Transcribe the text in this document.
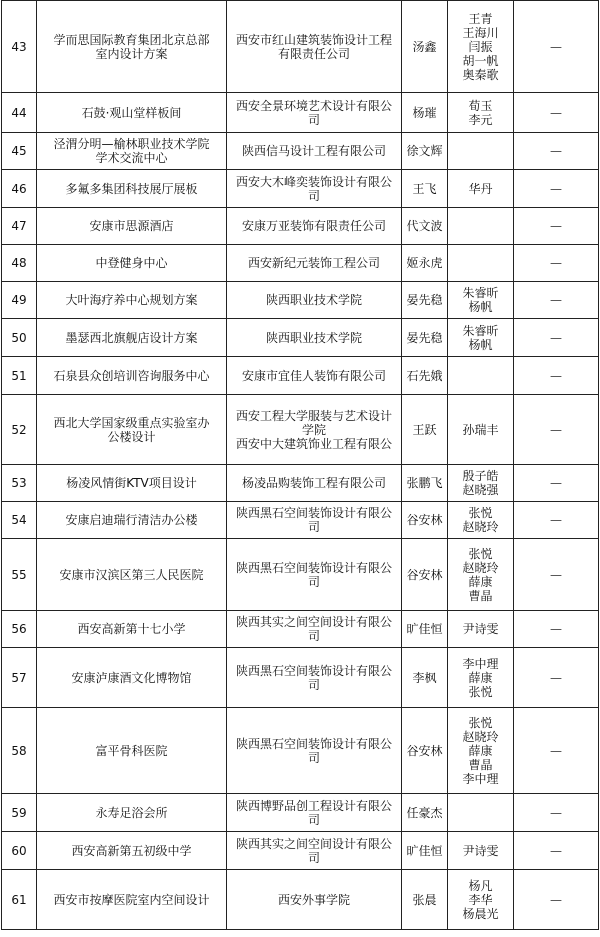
43	学而思国际教育集团北京总部
室内设计方案	西安市红山建筑装饰设计工程
有限责任公司	汤鑫	王青
王海川
闫振
胡一帆
奥秦歌	—
44	石鼓·观山堂样板间	西安全景环境艺术设计有限公
司	杨璀	荀玉
李元	—
45	泾渭分明—榆林职业技术学院
学术交流中心	陕西信马设计工程有限公司	徐文辉		—
46	多氟多集团科技展厅展板	西安大木峰奕装饰设计有限公
司	王飞	华丹	—
47	安康市思源酒店	安康万亚装饰有限责任公司	代文波		—
48	中登健身中心	西安新纪元装饰工程公司	姬永虎		—
49	大叶海疗养中心规划方案	陕西职业技术学院	晏先稳	朱睿昕
杨帆	—
50	墨瑟西北旗舰店设计方案	陕西职业技术学院	晏先稳	朱睿昕
杨帆	—
51	石泉县众创培训咨询服务中心	安康市宜佳人装饰有限公司	石先娥		—
52	西北大学国家级重点实验室办
公楼设计	西安工程大学服装与艺术设计
学院
西安中大建筑饰业工程有限公	王跃	孙瑞丰	—
53	杨凌风情街KTV项目设计	杨凌品购装饰工程有限公司	张鹏飞	殷子皓
赵晓强	—
54	安康启迪瑞行清洁办公楼	陕西黑石空间装饰设计有限公
司	谷安林	张悦
赵晓玲	—
55	安康市汉滨区第三人民医院	陕西黑石空间装饰设计有限公
司	谷安林	张悦
赵晓玲
薛康
曹晶	—
56	西安高新第十七小学	陕西其实之间空间设计有限公
司	旷佳恒	尹诗雯	—
57	安康泸康酒文化博物馆	陕西黑石空间装饰设计有限公
司	李枫	李中理
薛康
张悦	—
58	富平骨科医院	陕西黑石空间装饰设计有限公
司	谷安林	张悦
赵晓玲
薛康
曹晶
李中理	—
59	永寿足浴会所	陕西博野品创工程设计有限公
司	任豪杰		—
60	西安高新第五初级中学	陕西其实之间空间设计有限公
司	旷佳恒	尹诗雯	—
61	西安市按摩医院室内空间设计	西安外事学院	张晨	杨凡
李华
杨晨光	—
